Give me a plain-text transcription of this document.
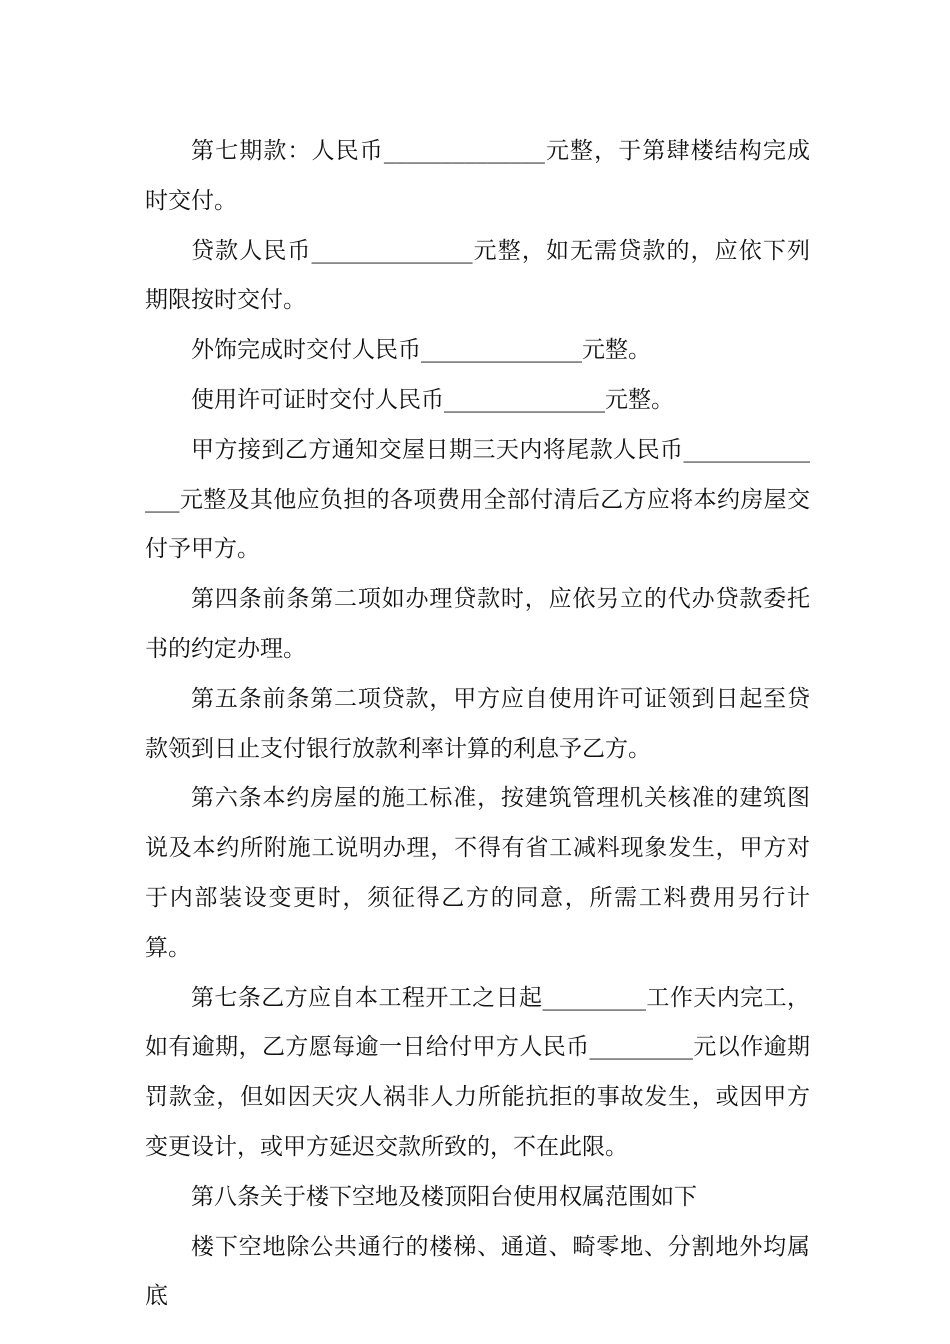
第七期款：人民币______________元整，于第肆楼结构完成时交付。

贷款人民币______________元整，如无需贷款的，应依下列期限按时交付。

外饰完成时交付人民币______________元整。

使用许可证时交付人民币______________元整。

甲方接到乙方通知交屋日期三天内将尾款人民币______________元整及其他应负担的各项费用全部付清后乙方应将本约房屋交付予甲方。

第四条前条第二项如办理贷款时，应依另立的代办贷款委托书的约定办理。

第五条前条第二项贷款，甲方应自使用许可证领到日起至贷款领到日止支付银行放款利率计算的利息予乙方。

第六条本约房屋的施工标准，按建筑管理机关核准的建筑图说及本约所附施工说明办理，不得有省工减料现象发生，甲方对于内部装设变更时，须征得乙方的同意，所需工料费用另行计算。

第七条乙方应自本工程开工之日起_________工作天内完工，如有逾期，乙方愿每逾一日给付甲方人民币_________元以作逾期罚款金，但如因天灾人祸非人力所能抗拒的事故发生，或因甲方变更设计，或甲方延迟交款所致的，不在此限。

第八条关于楼下空地及楼顶阳台使用权属范围如下

楼下空地除公共通行的楼梯、通道、畸零地、分割地外均属底
